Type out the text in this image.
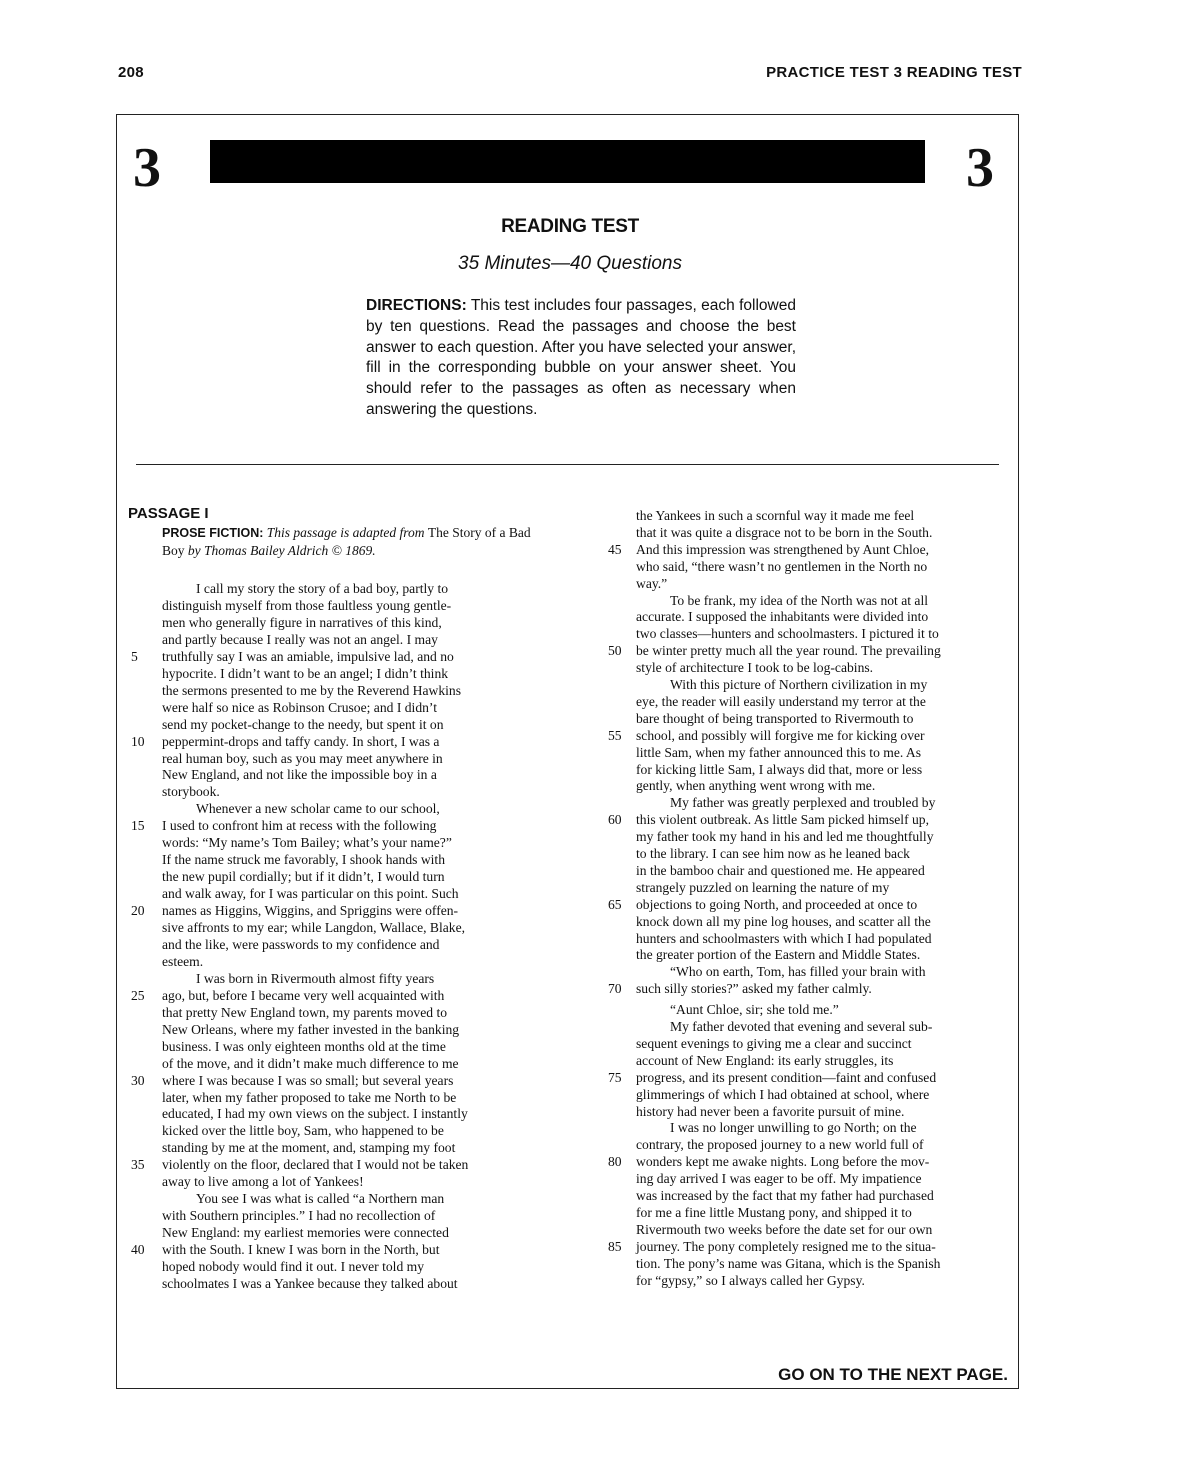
208	PRACTICE TEST 3 READING TEST
3	3
READING TEST
35 Minutes—40 Questions
DIRECTIONS: This test includes four passages, each followed by ten questions. Read the passages and choose the best answer to each question. After you have selected your answer, fill in the corresponding bubble on your answer sheet. You should refer to the passages as often as necessary when answering the questions.
PASSAGE I
PROSE FICTION: This passage is adapted from The Story of a Bad Boy by Thomas Bailey Aldrich © 1869.
I call my story the story of a bad boy, partly to
distinguish myself from those faultless young gentle-
men who generally figure in narratives of this kind,
and partly because I really was not an angel. I may
truthfully say I was an amiable, impulsive lad, and no
5
hypocrite. I didn’t want to be an angel; I didn’t think
the sermons presented to me by the Reverend Hawkins
were half so nice as Robinson Crusoe; and I didn’t
send my pocket-change to the needy, but spent it on
peppermint-drops and taffy candy. In short, I was a
10
real human boy, such as you may meet anywhere in
New England, and not like the impossible boy in a
storybook.
Whenever a new scholar came to our school,
I used to confront him at recess with the following
15
words: “My name’s Tom Bailey; what’s your name?”
If the name struck me favorably, I shook hands with
the new pupil cordially; but if it didn’t, I would turn
and walk away, for I was particular on this point. Such
names as Higgins, Wiggins, and Spriggins were offen-
20
sive affronts to my ear; while Langdon, Wallace, Blake,
and the like, were passwords to my confidence and
esteem.
I was born in Rivermouth almost fifty years
ago, but, before I became very well acquainted with
25
that pretty New England town, my parents moved to
New Orleans, where my father invested in the banking
business. I was only eighteen months old at the time
of the move, and it didn’t make much difference to me
where I was because I was so small; but several years
30
later, when my father proposed to take me North to be
educated, I had my own views on the subject. I instantly
kicked over the little boy, Sam, who happened to be
standing by me at the moment, and, stamping my foot
violently on the floor, declared that I would not be taken
35
away to live among a lot of Yankees!
You see I was what is called “a Northern man
with Southern principles.” I had no recollection of
New England: my earliest memories were connected
with the South. I knew I was born in the North, but
40
hoped nobody would find it out. I never told my
schoolmates I was a Yankee because they talked about
the Yankees in such a scornful way it made me feel
that it was quite a disgrace not to be born in the South.
And this impression was strengthened by Aunt Chloe,
45
who said, “there wasn’t no gentlemen in the North no
way.”
To be frank, my idea of the North was not at all
accurate. I supposed the inhabitants were divided into
two classes—hunters and schoolmasters. I pictured it to
be winter pretty much all the year round. The prevailing
50
style of architecture I took to be log-cabins.
With this picture of Northern civilization in my
eye, the reader will easily understand my terror at the
bare thought of being transported to Rivermouth to
school, and possibly will forgive me for kicking over
55
little Sam, when my father announced this to me. As
for kicking little Sam, I always did that, more or less
gently, when anything went wrong with me.
My father was greatly perplexed and troubled by
this violent outbreak. As little Sam picked himself up,
60
my father took my hand in his and led me thoughtfully
to the library. I can see him now as he leaned back
in the bamboo chair and questioned me. He appeared
strangely puzzled on learning the nature of my
objections to going North, and proceeded at once to
65
knock down all my pine log houses, and scatter all the
hunters and schoolmasters with which I had populated
the greater portion of the Eastern and Middle States.
“Who on earth, Tom, has filled your brain with
such silly stories?” asked my father calmly.
70
“Aunt Chloe, sir; she told me.”
My father devoted that evening and several sub-
sequent evenings to giving me a clear and succinct
account of New England: its early struggles, its
progress, and its present condition—faint and confused
75
glimmerings of which I had obtained at school, where
history had never been a favorite pursuit of mine.
I was no longer unwilling to go North; on the
contrary, the proposed journey to a new world full of
wonders kept me awake nights. Long before the mov-
80
ing day arrived I was eager to be off. My impatience
was increased by the fact that my father had purchased
for me a fine little Mustang pony, and shipped it to
Rivermouth two weeks before the date set for our own
journey. The pony completely resigned me to the situa-
85
tion. The pony’s name was Gitana, which is the Spanish
for “gypsy,” so I always called her Gypsy.
GO ON TO THE NEXT PAGE.
